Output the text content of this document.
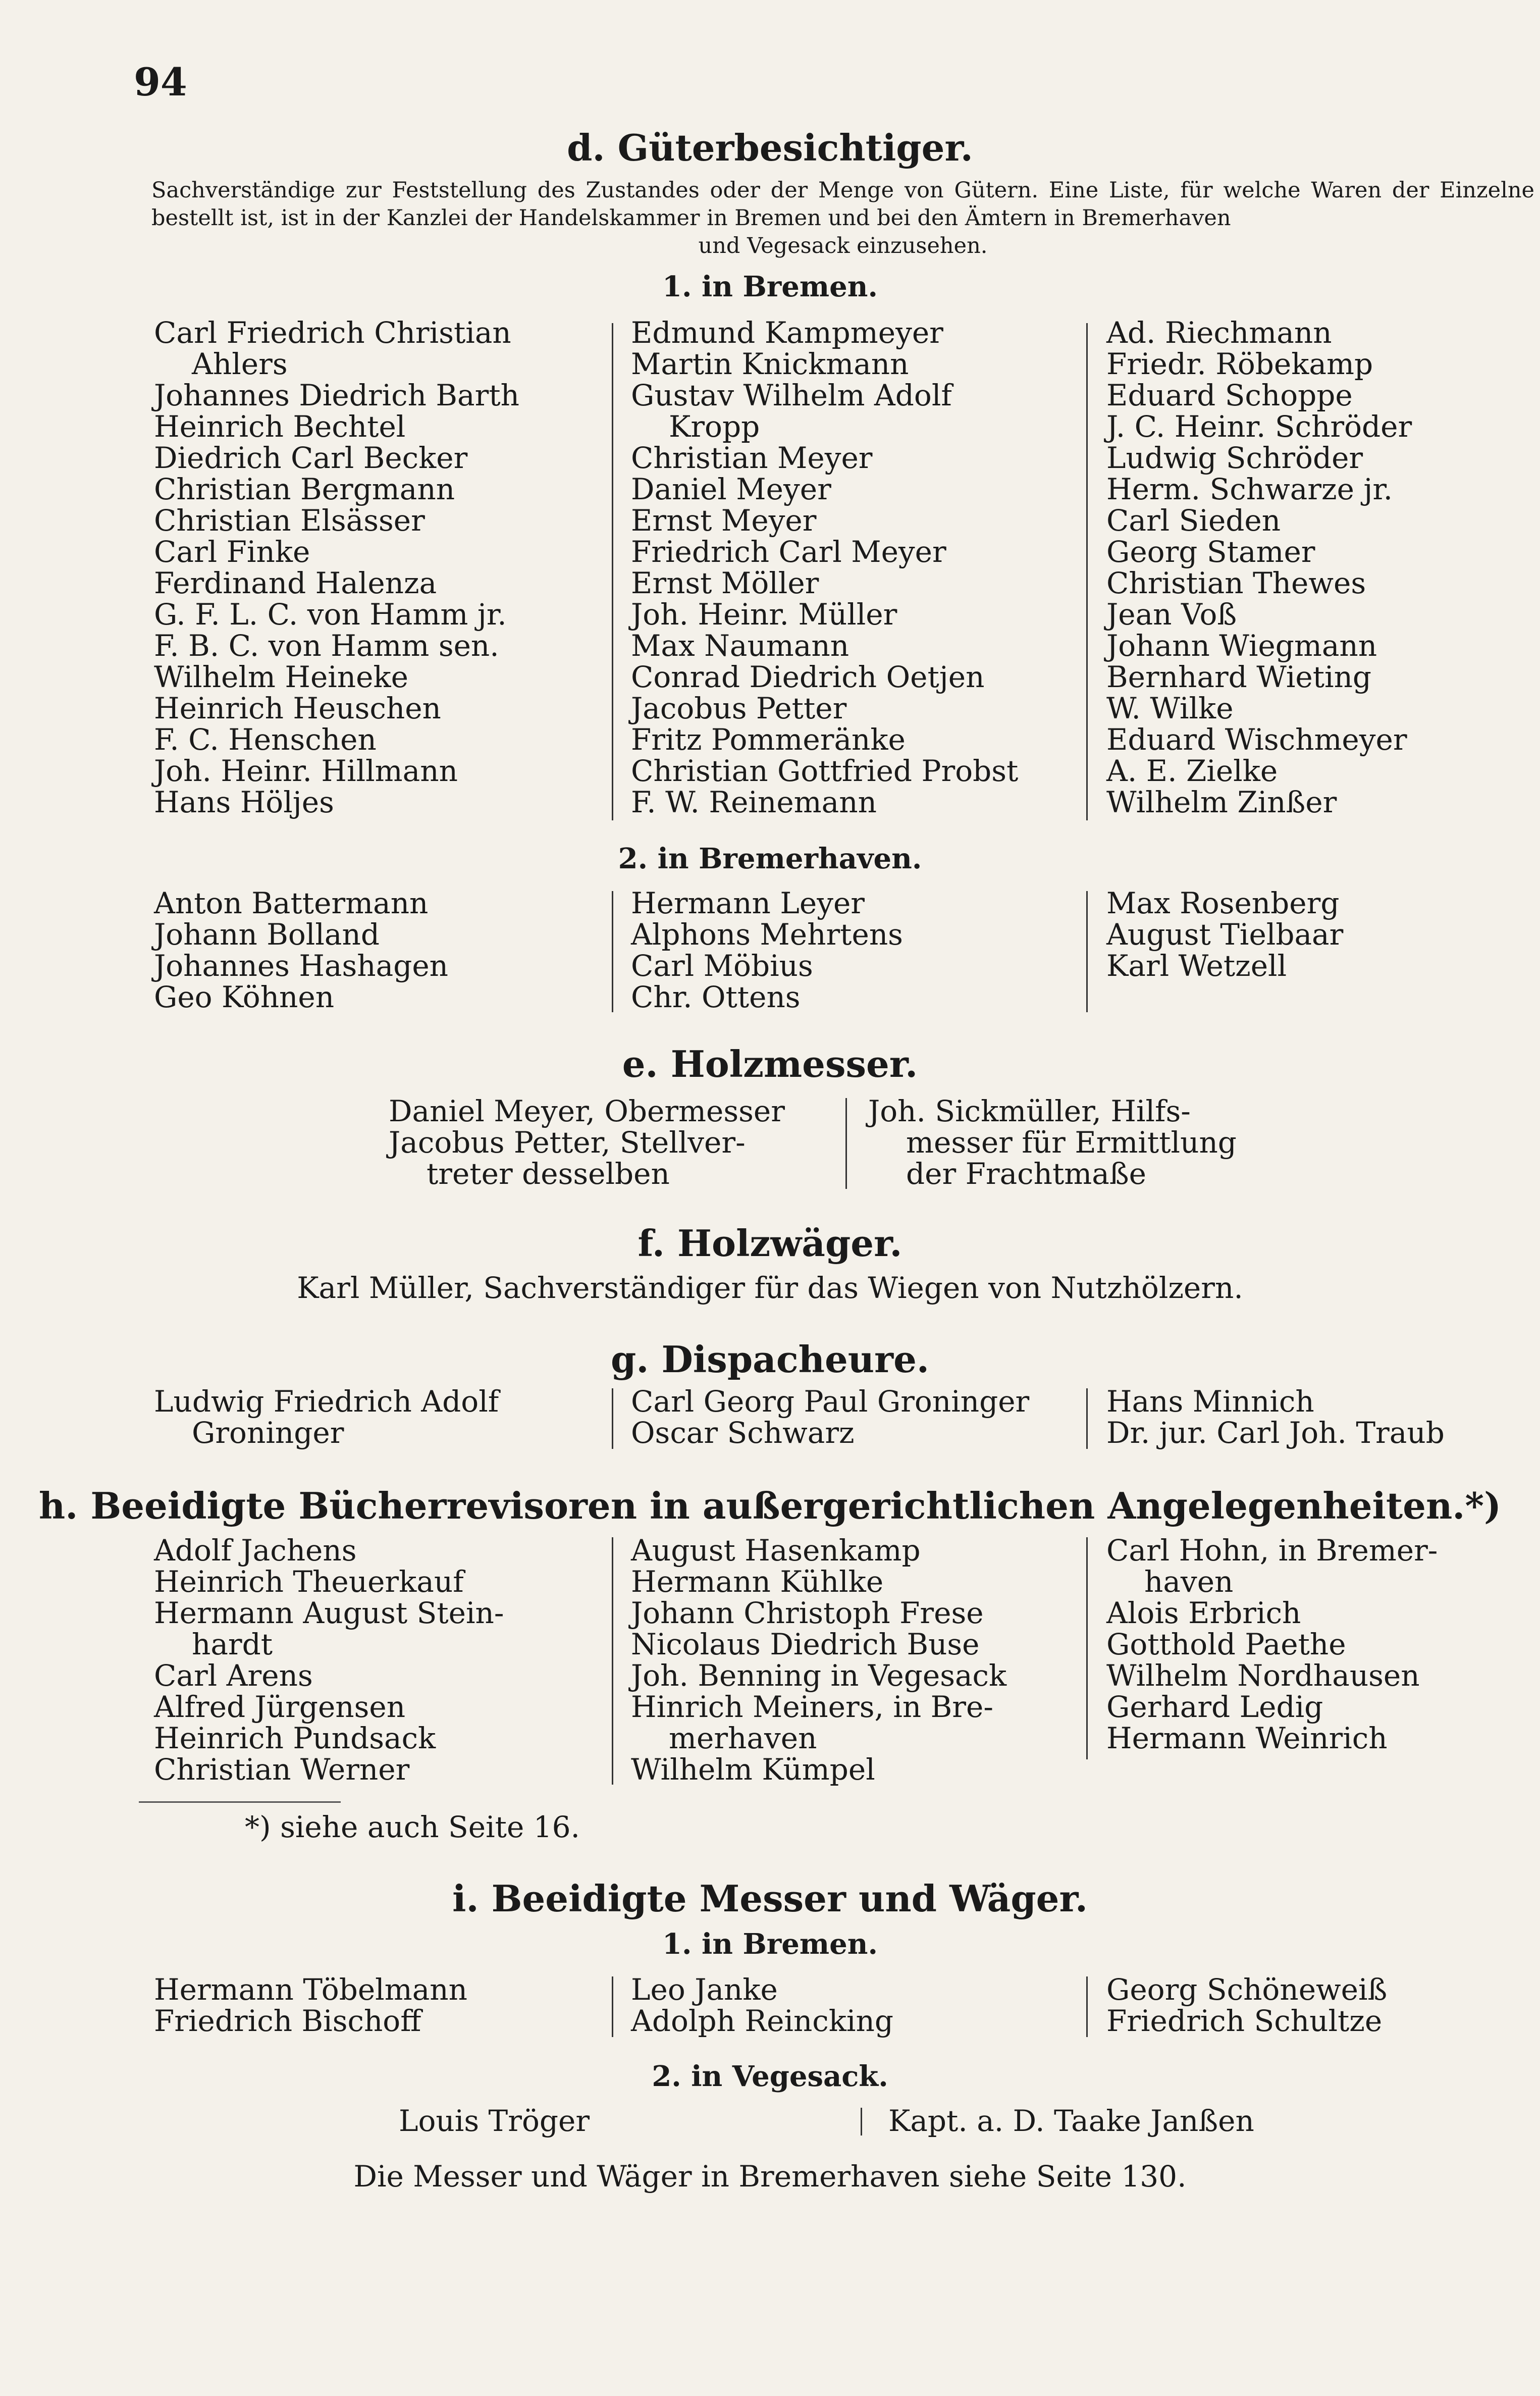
94
d. Güterbesichtiger.
Sachverständige zur Feststellung des Zustandes oder der Menge von Gütern. Eine Liste, für welche Waren der Einzelne bestellt ist, ist in der Kanzlei der Handelskammer in Bremen und bei den Ämtern in Bremerhaven
und Vegesack einzusehen.
1. in Bremen.
Carl Friedrich Christian
Ahlers
Johannes Diedrich Barth
Heinrich Bechtel
Diedrich Carl Becker
Christian Bergmann
Christian Elsässer
Carl Finke
Ferdinand Halenza
G. F. L. C. von Hamm jr.
F. B. C. von Hamm sen.
Wilhelm Heineke
Heinrich Heuschen
F. C. Henschen
Joh. Heinr. Hillmann
Hans Höljes
Edmund Kampmeyer
Martin Knickmann
Gustav Wilhelm Adolf
Kropp
Christian Meyer
Daniel Meyer
Ernst Meyer
Friedrich Carl Meyer
Ernst Möller
Joh. Heinr. Müller
Max Naumann
Conrad Diedrich Oetjen
Jacobus Petter
Fritz Pommeränke
Christian Gottfried Probst
F. W. Reinemann
Ad. Riechmann
Friedr. Röbekamp
Eduard Schoppe
J. C. Heinr. Schröder
Ludwig Schröder
Herm. Schwarze jr.
Carl Sieden
Georg Stamer
Christian Thewes
Jean Voß
Johann Wiegmann
Bernhard Wieting
W. Wilke
Eduard Wischmeyer
A. E. Zielke
Wilhelm Zinßer
2. in Bremerhaven.
Anton Battermann
Johann Bolland
Johannes Hashagen
Geo Köhnen
Hermann Leyer
Alphons Mehrtens
Carl Möbius
Chr. Ottens
Max Rosenberg
August Tielbaar
Karl Wetzell
e. Holzmesser.
Daniel Meyer, Obermesser
Jacobus Petter, Stellver-
treter desselben
Joh. Sickmüller, Hilfs-
messer für Ermittlung
der Frachtmaße
f. Holzwäger.
Karl Müller, Sachverständiger für das Wiegen von Nutzhölzern.
g. Dispacheure.
Ludwig Friedrich Adolf
Groninger
Carl Georg Paul Groninger
Oscar Schwarz
Hans Minnich
Dr. jur. Carl Joh. Traub
h. Beeidigte Bücherrevisoren in außergerichtlichen Angelegenheiten.*)
Adolf Jachens
Heinrich Theuerkauf
Hermann August Stein-
hardt
Carl Arens
Alfred Jürgensen
Heinrich Pundsack
Christian Werner
August Hasenkamp
Hermann Kühlke
Johann Christoph Frese
Nicolaus Diedrich Buse
Joh. Benning in Vegesack
Hinrich Meiners, in Bre-
merhaven
Wilhelm Kümpel
Carl Hohn, in Bremer-
haven
Alois Erbrich
Gotthold Paethe
Wilhelm Nordhausen
Gerhard Ledig
Hermann Weinrich
*) siehe auch Seite 16.
i. Beeidigte Messer und Wäger.
1. in Bremen.
Hermann Töbelmann
Friedrich Bischoff
Leo Janke
Adolph Reincking
Georg Schöneweiß
Friedrich Schultze
2. in Vegesack.
Louis Tröger	Kapt. a. D. Taake Janßen
Die Messer und Wäger in Bremerhaven siehe Seite 130.
